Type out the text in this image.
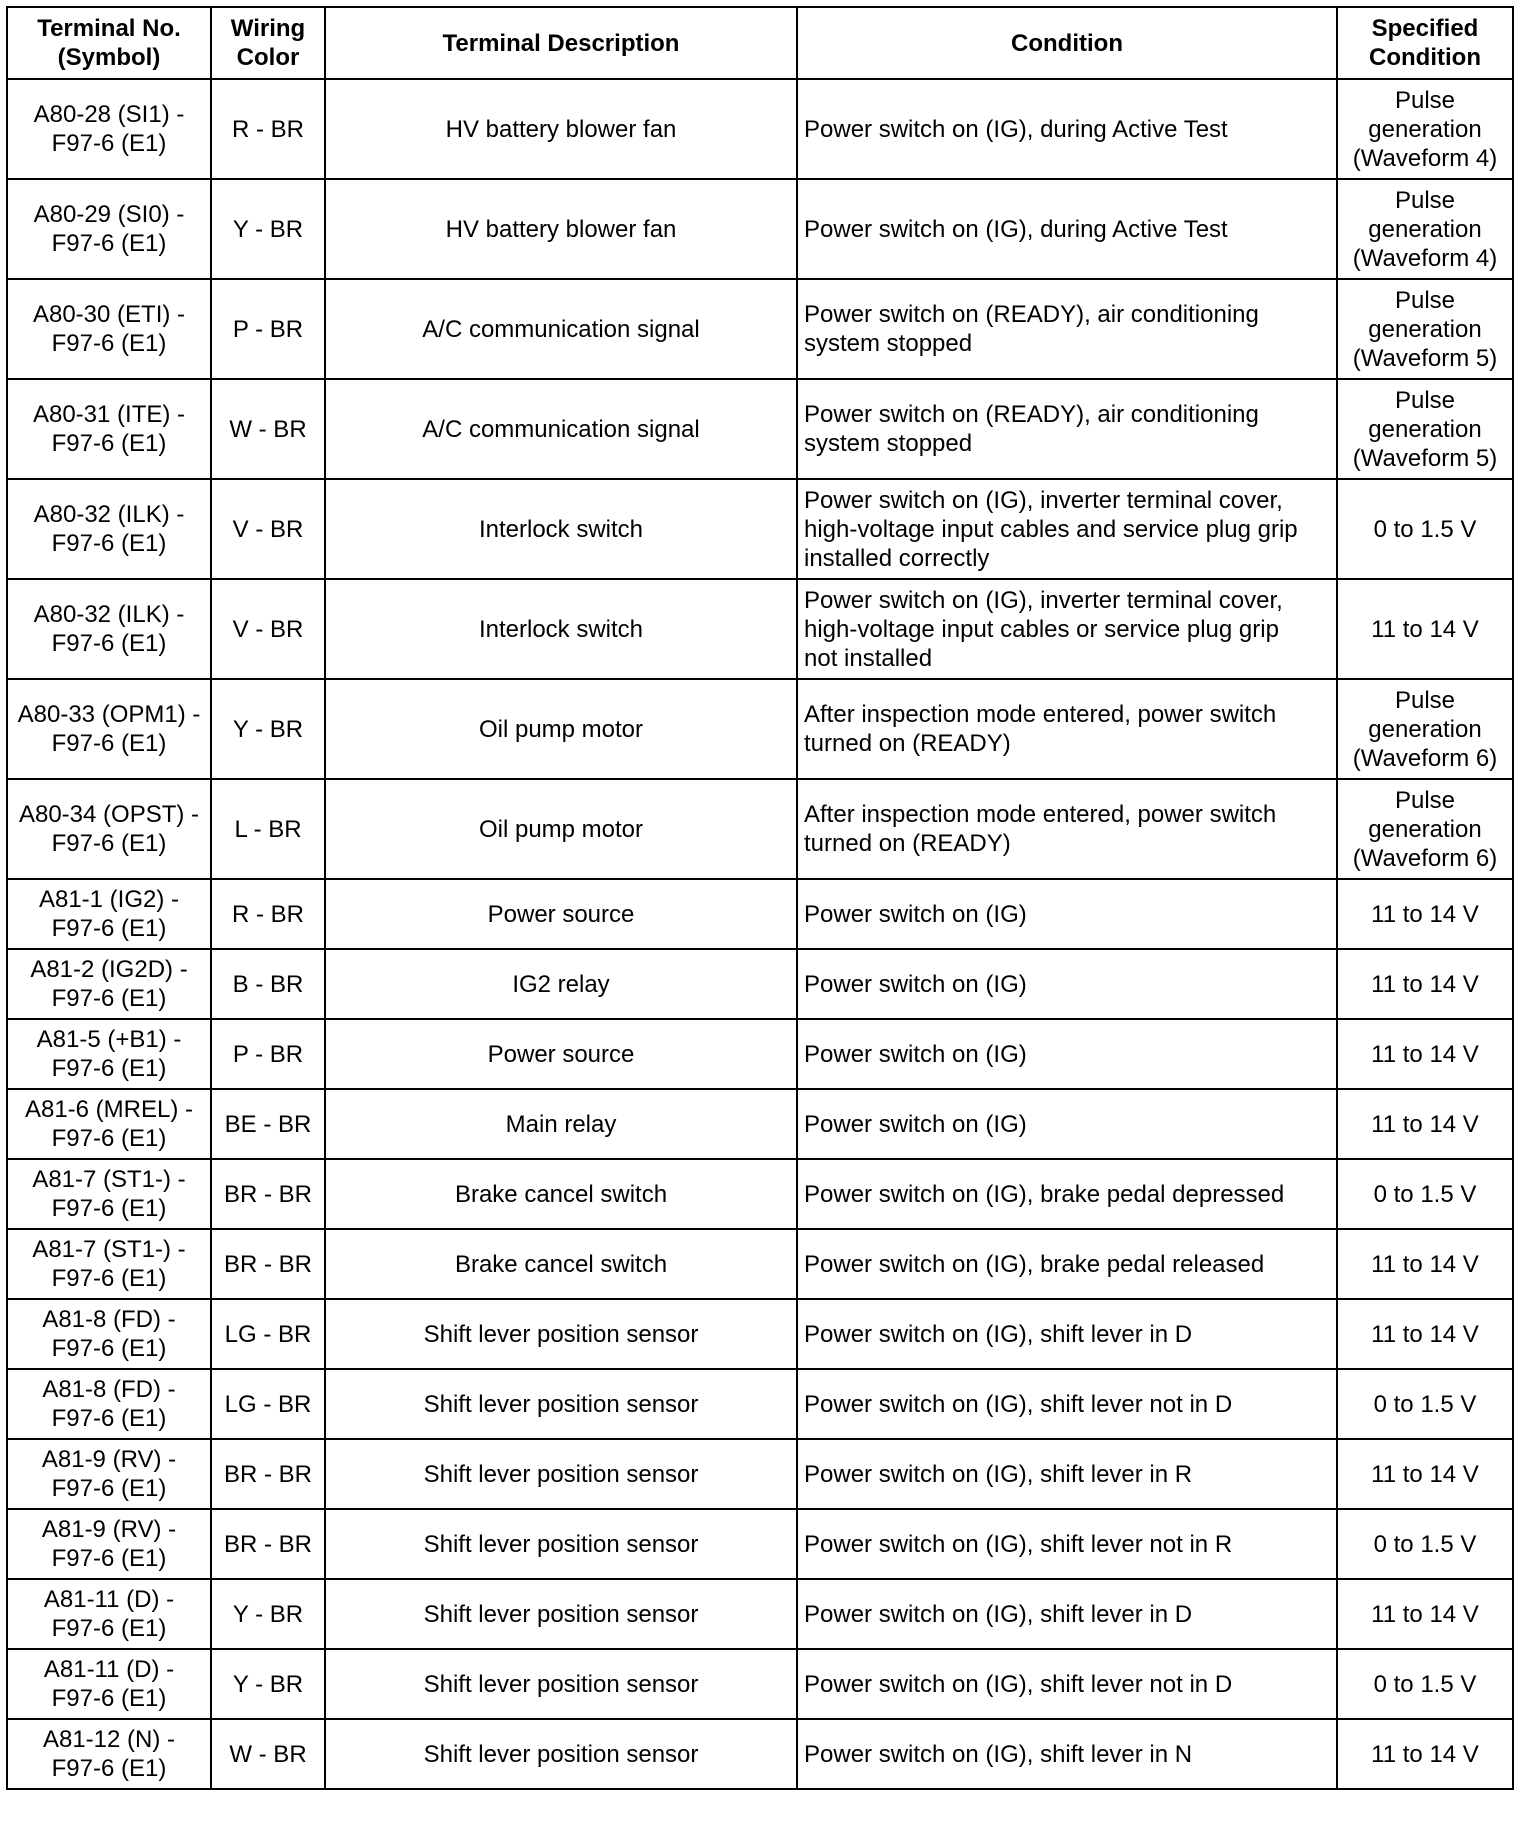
Terminal No.
(Symbol)	Wiring
Color	Terminal Description	Condition	Specified
Condition

A80-28 (SI1) -
F97-6 (E1)	R - BR	HV battery blower fan	Power switch on (IG), during Active Test	Pulse
generation
(Waveform 4)

A80-29 (SI0) -
F97-6 (E1)	Y - BR	HV battery blower fan	Power switch on (IG), during Active Test	Pulse
generation
(Waveform 4)

A80-30 (ETI) -
F97-6 (E1)	P - BR	A/C communication signal	Power switch on (READY), air conditioning
system stopped	Pulse
generation
(Waveform 5)

A80-31 (ITE) -
F97-6 (E1)	W - BR	A/C communication signal	Power switch on (READY), air conditioning
system stopped	Pulse
generation
(Waveform 5)

A80-32 (ILK) -
F97-6 (E1)	V - BR	Interlock switch	Power switch on (IG), inverter terminal cover,
high-voltage input cables and service plug grip
installed correctly	0 to 1.5 V

A80-32 (ILK) -
F97-6 (E1)	V - BR	Interlock switch	Power switch on (IG), inverter terminal cover,
high-voltage input cables or service plug grip
not installed	11 to 14 V

A80-33 (OPM1) -
F97-6 (E1)	Y - BR	Oil pump motor	After inspection mode entered, power switch
turned on (READY)	Pulse
generation
(Waveform 6)

A80-34 (OPST) -
F97-6 (E1)	L - BR	Oil pump motor	After inspection mode entered, power switch
turned on (READY)	Pulse
generation
(Waveform 6)

A81-1 (IG2) -
F97-6 (E1)	R - BR	Power source	Power switch on (IG)	11 to 14 V

A81-2 (IG2D) -
F97-6 (E1)	B - BR	IG2 relay	Power switch on (IG)	11 to 14 V

A81-5 (+B1) -
F97-6 (E1)	P - BR	Power source	Power switch on (IG)	11 to 14 V

A81-6 (MREL) -
F97-6 (E1)	BE - BR	Main relay	Power switch on (IG)	11 to 14 V

A81-7 (ST1-) -
F97-6 (E1)	BR - BR	Brake cancel switch	Power switch on (IG), brake pedal depressed	0 to 1.5 V

A81-7 (ST1-) -
F97-6 (E1)	BR - BR	Brake cancel switch	Power switch on (IG), brake pedal released	11 to 14 V

A81-8 (FD) -
F97-6 (E1)	LG - BR	Shift lever position sensor	Power switch on (IG), shift lever in D	11 to 14 V

A81-8 (FD) -
F97-6 (E1)	LG - BR	Shift lever position sensor	Power switch on (IG), shift lever not in D	0 to 1.5 V

A81-9 (RV) -
F97-6 (E1)	BR - BR	Shift lever position sensor	Power switch on (IG), shift lever in R	11 to 14 V

A81-9 (RV) -
F97-6 (E1)	BR - BR	Shift lever position sensor	Power switch on (IG), shift lever not in R	0 to 1.5 V

A81-11 (D) -
F97-6 (E1)	Y - BR	Shift lever position sensor	Power switch on (IG), shift lever in D	11 to 14 V

A81-11 (D) -
F97-6 (E1)	Y - BR	Shift lever position sensor	Power switch on (IG), shift lever not in D	0 to 1.5 V

A81-12 (N) -
F97-6 (E1)	W - BR	Shift lever position sensor	Power switch on (IG), shift lever in N	11 to 14 V
